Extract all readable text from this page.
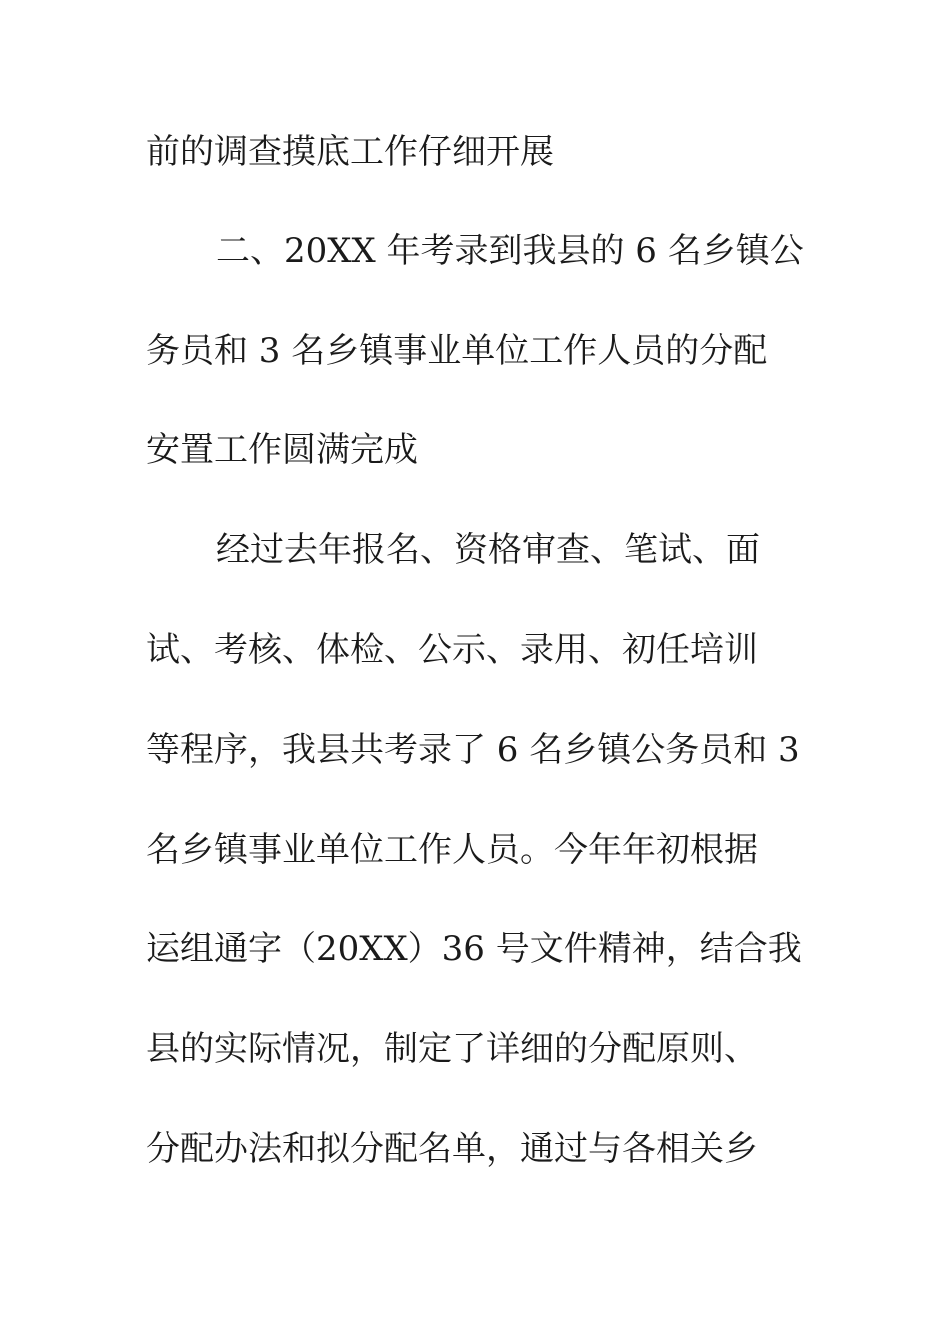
前的调查摸底工作仔细开展
二、20XX 年考录到我县的 6 名乡镇公
务员和 3 名乡镇事业单位工作人员的分配
安置工作圆满完成
经过去年报名、资格审查、笔试、面
试、考核、体检、公示、录用、初任培训
等程序，我县共考录了 6 名乡镇公务员和 3
名乡镇事业单位工作人员。今年年初根据
运组通字（20XX）36 号文件精神，结合我
县的实际情况，制定了详细的分配原则、
分配办法和拟分配名单，通过与各相关乡
